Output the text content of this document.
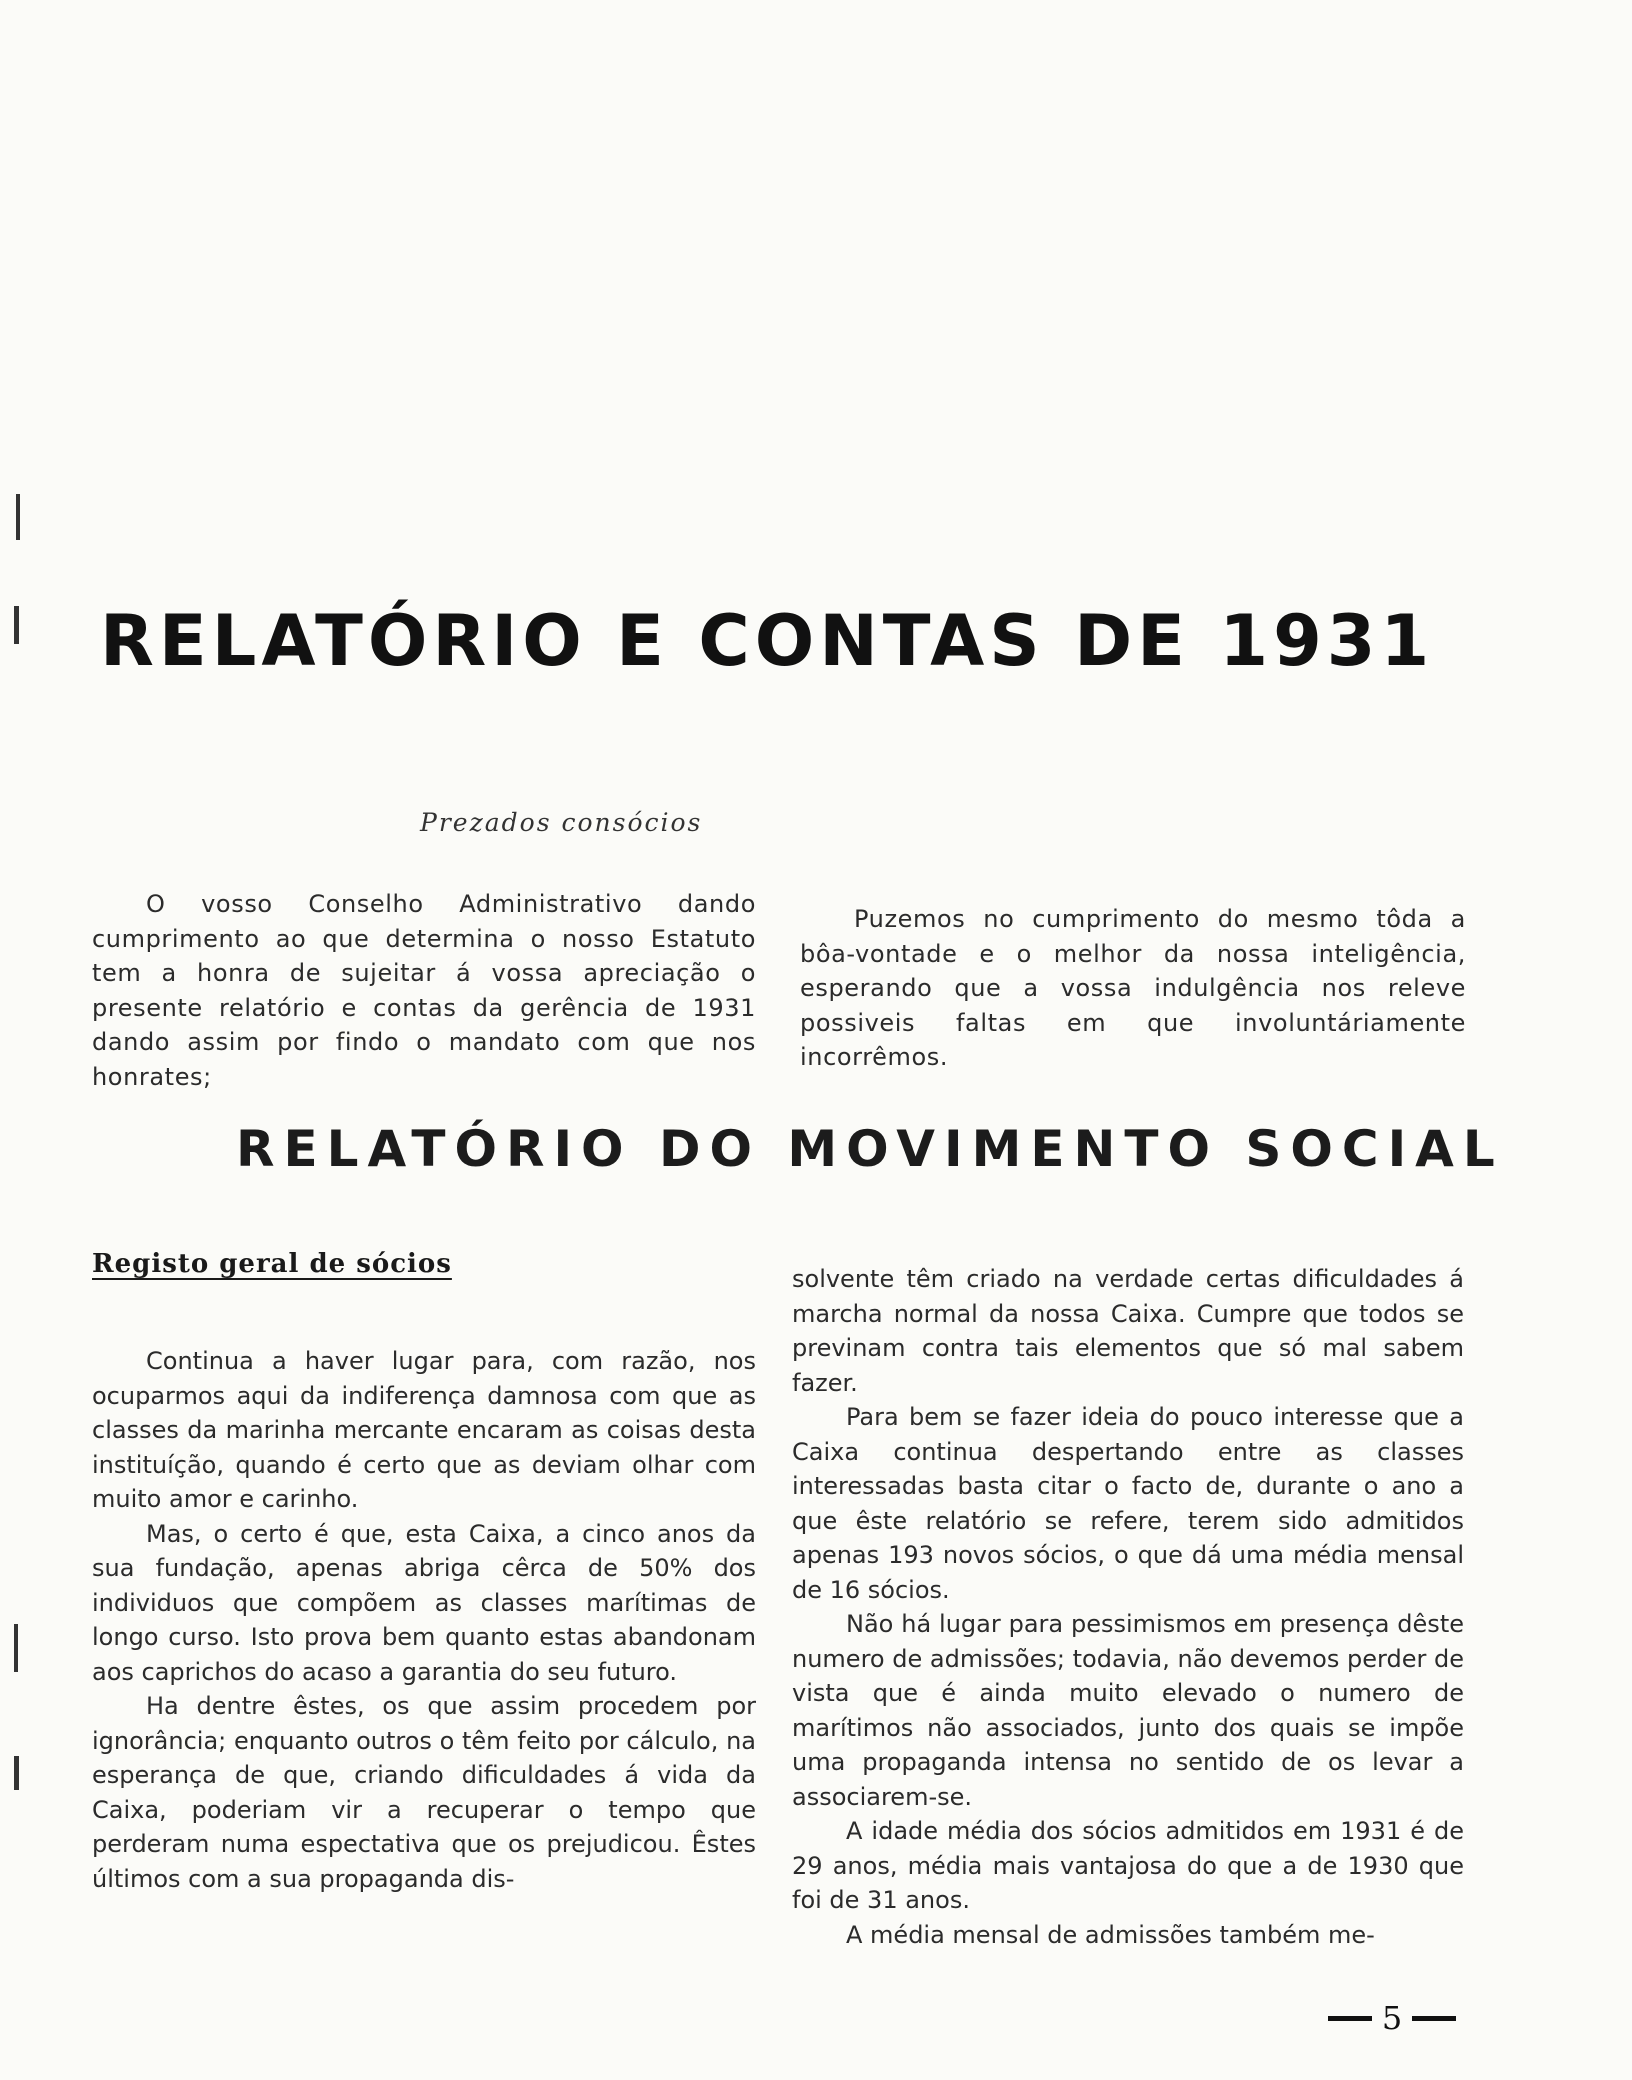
RELATÓRIO E CONTAS DE 1931

Prezados consócios

O vosso Conselho Administrativo dando cumprimento ao que determina o nosso Estatuto tem a honra de sujeitar á vossa apreciação o presente relatório e contas da gerência de 1931 dando assim por findo o mandato com que nos honrates;

Puzemos no cumprimento do mesmo tôda a bôa-vontade e o melhor da nossa inteligência, esperando que a vossa indulgência nos releve possiveis faltas em que involuntáriamente incorrêmos.

RELATÓRIO DO MOVIMENTO SOCIAL
Registo geral de sócios

Continua a haver lugar para, com razão, nos ocuparmos aqui da indiferença damnosa com que as classes da marinha mercante encaram as coisas desta instituíção, quando é certo que as deviam olhar com muito amor e carinho.

Mas, o certo é que, esta Caixa, a cinco anos da sua fundação, apenas abriga cêrca de 50% dos individuos que compõem as classes marítimas de longo curso. Isto prova bem quanto estas abandonam aos caprichos do acaso a garantia do seu futuro.

Ha dentre êstes, os que assim procedem por ignorância; enquanto outros o têm feito por cálculo, na esperança de que, criando dificuldades á vida da Caixa, poderiam vir a recuperar o tempo que perderam numa espectativa que os prejudicou. Êstes últimos com a sua propaganda dis-

solvente têm criado na verdade certas dificuldades á marcha normal da nossa Caixa. Cumpre que todos se previnam contra tais elementos que só mal sabem fazer.

Para bem se fazer ideia do pouco interesse que a Caixa continua despertando entre as classes interessadas basta citar o facto de, durante o ano a que êste relatório se refere, terem sido admitidos apenas 193 novos sócios, o que dá uma média mensal de 16 sócios.

Não há lugar para pessimismos em presença dêste numero de admissões; todavia, não devemos perder de vista que é ainda muito elevado o numero de marítimos não associados, junto dos quais se impõe uma propaganda intensa no sentido de os levar a associarem-se.

A idade média dos sócios admitidos em 1931 é de 29 anos, média mais vantajosa do que a de 1930 que foi de 31 anos.

A média mensal de admissões também me-

5
